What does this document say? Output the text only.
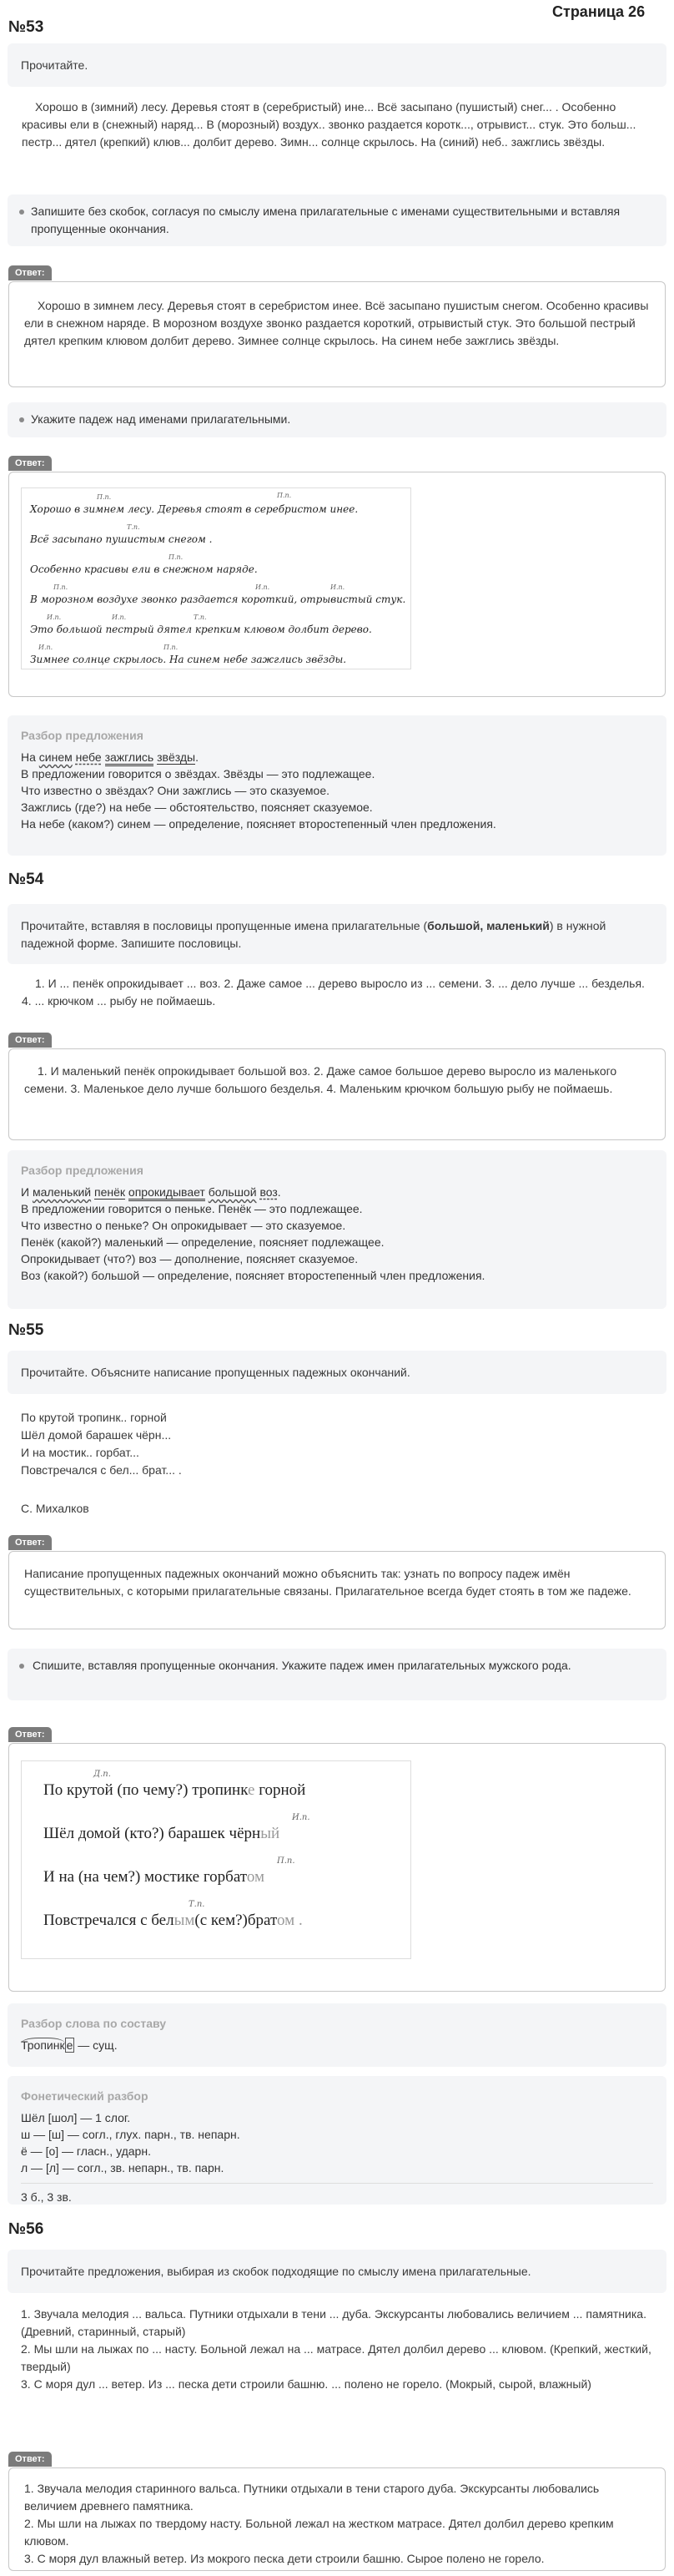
Страница 26
№53

Прочитайте.

Хорошо в (зимний) лесу. Деревья стоят в (серебристый) ине... Всё засыпано (пушистый) снег... . Особенно красивы ели в (снежный) наряд... В (морозный) воздух.. звонко раздается коротк..., отрывист... стук. Это больш... пестр... дятел (крепкий) клюв... долбит дерево. Зимн... солнце скрылось. На (синий) неб.. зажглись звёзды.
Запишите без скобок, согласуя по смыслу имена прилагательные с именами существительными и вставляя пропущенные окончания.
Ответ:
Хорошо в зимнем лесу. Деревья стоят в серебристом инее. Всё засыпано пушистым снегом. Особенно красивы ели в снежном наряде. В морозном воздухе звонко раздается короткий, отрывистый стук. Это большой пестрый дятел крепким клювом долбит дерево. Зимнее солнце скрылось. На синем небе зажглись звёзды.
Укажите падеж над именами прилагательными.
Ответ:
Хорошо в зимнем лесу. Деревья стоят в серебристом инее.
Всё засыпано пушистым снегом .
Особенно красивы ели в снежном наряде.
В морозном воздухе звонко раздается короткий, отрывистый стук.
Это большой пестрый дятел крепким клювом долбит дерево.
Зимнее солнце скрылось. На синем небе зажглись звёзды.
П.п.	П.п.
Т.п.
П.п.
П.п.	И.п.	И.п.
И.п.	И.п.	Т.п.
И.п.	П.п.
Разбор предложения
На синем небе зажглись звёзды.
В предложении говорится о звёздах. Звёзды — это подлежащее.
Что известно о звёздах? Они зажглись — это сказуемое.
Зажглись (где?) на небе — обстоятельство, поясняет сказуемое.
На небе (каком?) синем — определение, поясняет второстепенный член предложения.
№54

Прочитайте, вставляя в пословицы пропущенные имена прилагательные (большой, маленький) в нужной падежной форме. Запишите пословицы.

1. И ... пенёк опрокидывает ... воз. 2. Даже самое ... дерево выросло из ... семени. 3. ... дело лучше ... безделья. 4. ... крючком ... рыбу не поймаешь.
Ответ:
1. И маленький пенёк опрокидывает большой воз. 2. Даже самое большое дерево выросло из маленького семени. 3. Маленькое дело лучше большого безделья. 4. Маленьким крючком большую рыбу не поймаешь.
Разбор предложения
И маленький пенёк опрокидывает большой воз.
В предложении говорится о пеньке. Пенёк — это подлежащее.
Что известно о пеньке? Он опрокидывает — это сказуемое.
Пенёк (какой?) маленький — определение, поясняет подлежащее.
Опрокидывает (что?) воз — дополнение, поясняет сказуемое.
Воз (какой?) большой — определение, поясняет второстепенный член предложения.
№55

Прочитайте. Объясните написание пропущенных падежных окончаний.

По крутой тропинк.. горной
Шёл домой барашек чёрн...
И на мостик.. горбат...
Повстречался с бел... брат... .
С. Михалков
Ответ:
Написание пропущенных падежных окончаний можно объяснить так: узнать по вопросу падеж имён существительных, с которыми прилагательные связаны. Прилагательное всегда будет стоять в том же падеже.
Спишите, вставляя пропущенные окончания. Укажите падеж имен прилагательных мужского рода.
Ответ:
По крутой (по чему?) тропинке горной
Шёл домой (кто?) барашек чёрный
И на (на чем?) мостике горбатом
Повстречался с белым(с кем?)братом .
Д.п.
И.п.
П.п.
Т.п.
Разбор слова по составу
Тропинк е — сущ.
Фонетический разбор
Шёл [шол] — 1 слог.
ш — [ш] — согл., глух. парн., тв. непарн.
ё — [о] — гласн., ударн.
л — [л] — согл., зв. непарн., тв. парн.
3 б., 3 зв.
№56

Прочитайте предложения, выбирая из скобок подходящие по смыслу имена прилагательные.

1. Звучала мелодия ... вальса. Путники отдыхали в тени ... дуба. Экскурсанты любовались величием ... памятника. (Древний, старинный, старый)
2. Мы шли на лыжах по ... насту. Больной лежал на ... матрасе. Дятел долбил дерево ... клювом. (Крепкий, жесткий, твердый)
3. С моря дул ... ветер. Из ... песка дети строили башню. ... полено не горело. (Мокрый, сырой, влажный)
Ответ:
1. Звучала мелодия старинного вальса. Путники отдыхали в тени старого дуба. Экскурсанты любовались величием древнего памятника.
2. Мы шли на лыжах по твердому насту. Больной лежал на жестком матрасе. Дятел долбил дерево крепким клювом.
3. С моря дул влажный ветер. Из мокрого песка дети строили башню. Сырое полено не горело.
